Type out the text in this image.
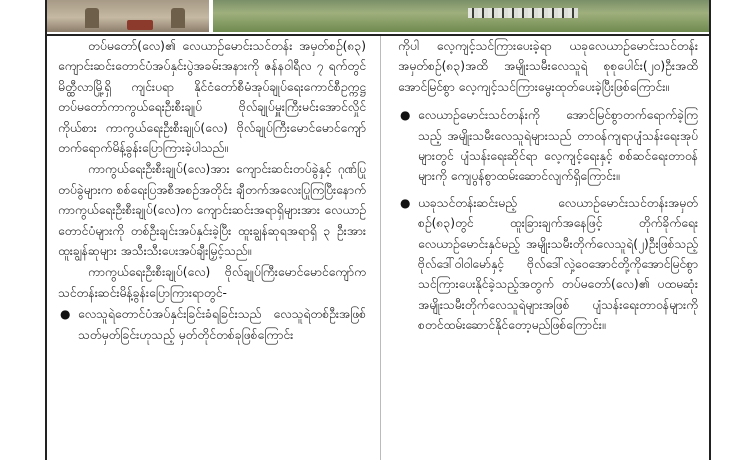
တပ်မတော်(လေ)၏ လေယာဉ်မောင်းသင်တန်း အမှတ်စဉ်(၈၃) ကျောင်းဆင်းတောင်ပံအပ်နှင်းပွဲအခမ်းအနားကို ဇန်နဝါရီလ ၇ ရက်တွင် မိတ္ထီလာမြို့ရှိ ကျင်းပရာ နိုင်ငံတော်စီမံအုပ်ချုပ်ရေးကောင်စီဥက္ကဋ္ဌ တပ်မတော်ကာကွယ်ရေးဦးစီးချုပ် ဗိုလ်ချုပ်မှူးကြီးမင်းအောင်လှိုင်ကိုယ်စား ကာကွယ်ရေးဦးစီးချုပ်(လေ) ဗိုလ်ချုပ်ကြီးမောင်မောင်ကျော် တက်ရောက်မိန့်ခွန်းပြောကြားခဲ့ပါသည်။

ကာကွယ်ရေးဦးစီးချုပ်(လေ)အား ကျောင်းဆင်းတပ်ခွဲနှင့် ဂုဏ်ပြုတပ်ခွဲများက စစ်ရေးပြအစီအစဉ်အတိုင်း ချီတက်အလေးပြုကြပြီးနောက် ကာကွယ်ရေးဦးစီးချုပ်(လေ)က ကျောင်းဆင်းအရာရှိများအား လေယာဉ်တောင်ပံများကို တစ်ဦးချင်းအပ်နှင်းခဲ့ပြီး ထူးချွန်ဆုရအရာရှိ ၃ ဦးအား ထူးချွန်ဆုများ အသီးသီးပေးအပ်ချီးမြှင့်သည်။

ကာကွယ်ရေးဦးစီးချုပ်(လေ) ဗိုလ်ချုပ်ကြီးမောင်မောင်ကျော်က သင်တန်းဆင်းမိန့်ခွန်းပြောကြားရာတွင်-

● လေသူရဲတောင်ပံအပ်နှင်းခြင်းခံရခြင်းသည် လေသူရဲတစ်ဦးအဖြစ် သတ်မှတ်ခြင်းဟုသည့် မှတ်တိုင်တစ်ခုဖြစ်ကြောင်း

ကိုပါ လေ့ကျင့်သင်ကြားပေးခဲ့ရာ ယခုလေယာဉ်မောင်းသင်တန်း အမှတ်စဉ်(၈၃)အထိ အမျိုးသမီးလေသူရဲ စုစုပေါင်း(၂၀)ဦးအထိ အောင်မြင်စွာ လေ့ကျင့်သင်ကြားမွေးထုတ်ပေးခဲ့ပြီးဖြစ်ကြောင်း။

● လေယာဉ်မောင်းသင်တန်းကို အောင်မြင်စွာတက်ရောက်ခဲ့ကြသည့် အမျိုးသမီးလေသူရဲများသည် တာဝန်ကျရာပျံသန်းရေးအုပ်များတွင် ပျံသန်းရေးဆိုင်ရာ လေ့ကျင့်ရေးနှင့် စစ်ဆင်ရေးတာဝန်များကို ကျေပွန်စွာထမ်းဆောင်လျက်ရှိကြောင်း။
● ယခုသင်တန်းဆင်းမည့် လေယာဉ်မောင်းသင်တန်းအမှတ်စဉ်(၈၃)တွင် ထူးခြားချက်အနေဖြင့် တိုက်ခိုက်ရေးလေယာဉ်မောင်းနှင်မည့် အမျိုးသမီးတိုက်လေသူရဲ(၂)ဦးဖြစ်သည့် ဗိုလ်ဒေါ်ဝါဝါမော်နှင့် ဗိုလ်ဒေါ်လှဲ့ဝေအောင်တို့ကိုအောင်မြင်စွာ သင်ကြားပေးနိုင်ခဲ့သည့်အတွက် တပ်မတော်(လေ)၏ ပထမဆုံး အမျိုးသမီးတိုက်လေသူရဲများအဖြစ် ပျံသန်းရေးတာဝန်များကို စတင်ထမ်းဆောင်နိုင်တော့မည်ဖြစ်ကြောင်း။
